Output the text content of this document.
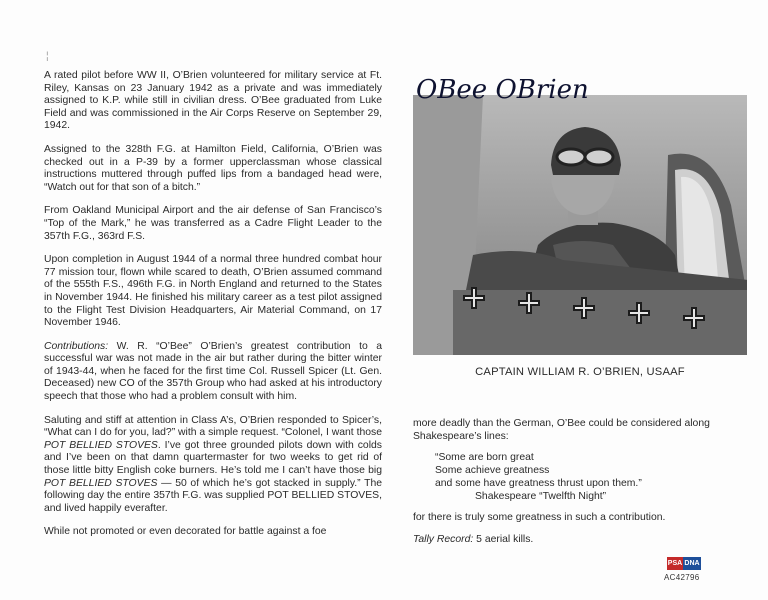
¦

A rated pilot before WW II, O’Brien volunteered for military service at Ft. Riley, Kansas on 23 January 1942 as a private and was immediately assigned to K.P. while still in civilian dress. O’Bee graduated from Luke Field and was commissioned in the Air Corps Reserve on September 29, 1942.

Assigned to the 328th F.G. at Hamilton Field, California, O’Brien was checked out in a P-39 by a former upperclassman whose classical instructions muttered through puffed lips from a bandaged head were, “Watch out for that son of a bitch.”

From Oakland Municipal Airport and the air defense of San Francisco’s “Top of the Mark,” he was transferred as a Cadre Flight Leader to the 357th F.G., 363rd F.S.

Upon completion in August 1944 of a normal three hundred combat hour 77 mission tour, flown while scared to death, O’Brien assumed command of the 555th F.S., 496th F.G. in North England and returned to the States in November 1944. He finished his military career as a test pilot assigned to the Flight Test Division Headquarters, Air Material Command, on 17 November 1946.

Contributions: W. R. “O’Bee” O’Brien’s greatest contribution to a successful war was not made in the air but rather during the bitter winter of 1943-44, when he faced for the first time Col. Russell Spicer (Lt. Gen. Deceased) new CO of the 357th Group who had asked at his introductory speech that those who had a problem consult with him.

Saluting and stiff at attention in Class A’s, O’Brien responded to Spicer’s, “What can I do for you, lad?” with a simple request. “Colonel, I want those POT BELLIED STOVES. I’ve got three grounded pilots down with colds and I’ve been on that damn quartermaster for two weeks to get rid of those little bitty English coke burners. He’s told me I can’t have those big POT BELLIED STOVES — 50 of which he’s got stacked in supply.” The following day the entire 357th F.G. was supplied POT BELLIED STOVES, and lived happily everafter.

While not promoted or even decorated for battle against a foe

OBee OBrien
CAPTAIN WILLIAM R. O’BRIEN, USAAF

more deadly than the German, O’Bee could be considered along Shakespeare’s lines:

“Some are born great
Some achieve greatness
and some have greatness thrust upon them.”
Shakespeare “Twelfth Night”

for there is truly some greatness in such a contribution.

Tally Record: 5 aerial kills.

PSA DNA
AC42796
